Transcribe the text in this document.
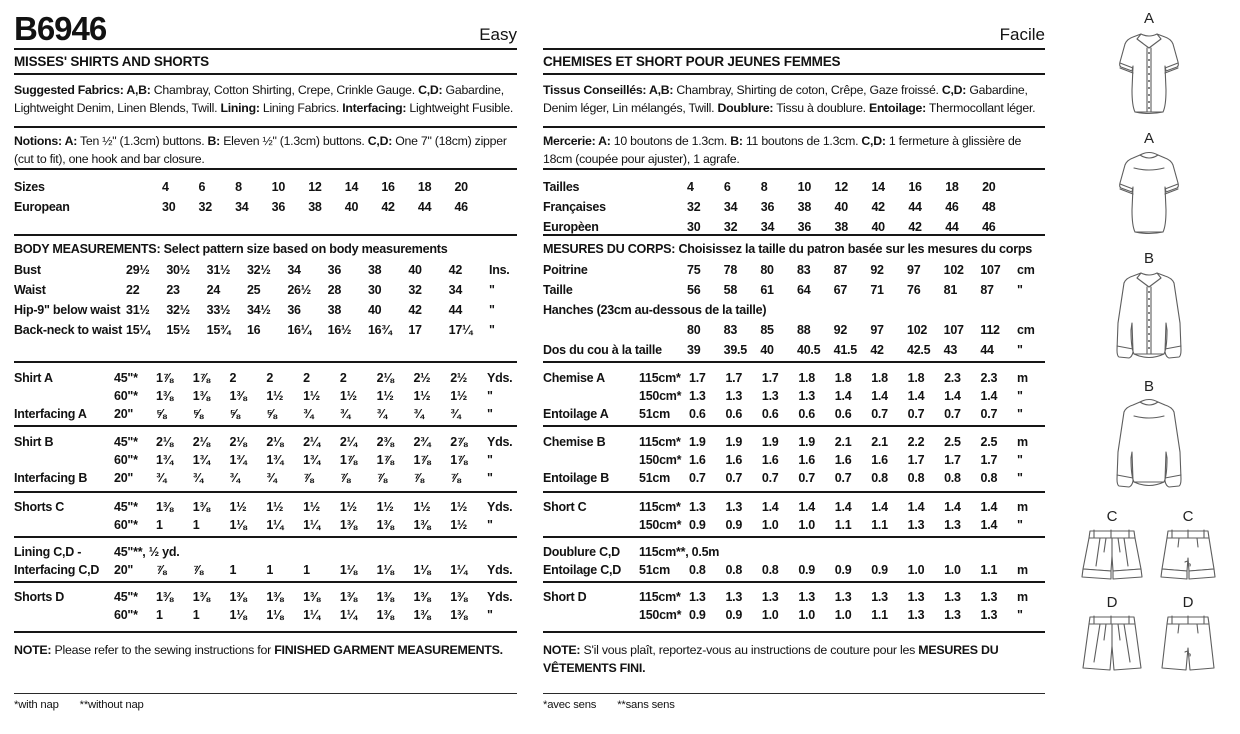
B6946	Easy
MISSES' SHIRTS AND SHORTS
Suggested Fabrics: A,B: Chambray, Cotton Shirting, Crepe, Crinkle Gauge. C,D: Gabardine, Lightweight Denim, Linen Blends, Twill. Lining: Lining Fabrics. Interfacing: Lightweight Fusible.
Notions: A: Ten ½" (1.3cm) buttons. B: Eleven ½" (1.3cm) buttons. C,D: One 7" (18cm) zipper (cut to fit), one hook and bar closure.
Sizes	4	6	8	10	12	14	16	18	20
European	30	32	34	36	38	40	42	44	46
BODY MEASUREMENTS: Select pattern size based on body measurements
Bust	29½	30½	31½	32½	34	36	38	40	42	Ins.
Waist	22	23	24	25	26½	28	30	32	34	"
Hip-9" below waist 31½	32½	33½	34½	36	38	40	42	44	"
Back-neck to waist 15¼	15½	15¾	16	16¼	16½	16¾	17	17¼	"
Shirt A	45"*	1⅞	1⅞	2	2	2	2	2⅛	2½	2½	Yds.
60"*	1⅜	1⅜	1⅜	1½	1½	1½	1½	1½	1½	"
Interfacing A	20"	⅝	⅝	⅝	⅝	¾	¾	¾	¾	¾	"
Shirt B	45"*	2⅛	2⅛	2⅛	2⅛	2¼	2¼	2⅜	2¾	2⅞	Yds.
60"*	1¾	1¾	1¾	1¾	1¾	1⅞	1⅞	1⅞	1⅞	"
Interfacing B	20"	¾	¾	¾	¾	⅞	⅞	⅞	⅞	⅞	"
Shorts C	45"*	1⅜	1⅜	1½	1½	1½	1½	1½	1½	1½	Yds.
60"*	1	1	1⅛	1¼	1¼	1⅜	1⅜	1⅜	1½	"
Lining C,D -	45"**, ½ yd.
Interfacing C,D	20"	⅞	⅞	1	1	1	1⅛	1⅛	1⅛	1¼	Yds.
Shorts D	45"*	1⅜	1⅜	1⅜	1⅜	1⅜	1⅜	1⅜	1⅜	1⅜	Yds.
60"*	1	1	1⅛	1⅛	1¼	1¼	1⅜	1⅜	1⅜	"
NOTE: Please refer to the sewing instructions for FINISHED GARMENT MEASUREMENTS.
*with nap **without nap
Facile
CHEMISES ET SHORT POUR JEUNES FEMMES
Tissus Conseillés: A,B: Chambray, Shirting de coton, Crêpe, Gaze froissé. C,D: Gabardine, Denim léger, Lin mélangés, Twill. Doublure: Tissu à doublure. Entoilage: Thermocollant léger.
Mercerie: A: 10 boutons de 1.3cm. B: 11 boutons de 1.3cm. C,D: 1 fermeture à glissière de 18cm (coupée pour ajuster), 1 agrafe.
Tailles	4	6	8	10	12	14	16	18	20
Françaises	32	34	36	38	40	42	44	46	48
Europèen	30	32	34	36	38	40	42	44	46
MESURES DU CORPS: Choisissez la taille du patron basée sur les mesures du corps
Poitrine	75	78	80	83	87	92	97	102	107	cm
Taille	56	58	61	64	67	71	76	81	87	"
Hanches (23cm au-dessous de la taille)
80	83	85	88	92	97	102	107	112	cm
Dos du cou à la taille	39	39.5	40	40.5	41.5	42	42.5	43	44	"
Chemise A	115cm* 1.7	1.7	1.7	1.8	1.8	1.8	1.8	2.3	2.3	m
150cm* 1.3	1.3	1.3	1.3	1.4	1.4	1.4	1.4	1.4	"
Entoilage A	51cm	0.6	0.6	0.6	0.6	0.6	0.7	0.7	0.7	0.7	"
Chemise B	115cm* 1.9	1.9	1.9	1.9	2.1	2.1	2.2	2.5	2.5	m
150cm* 1.6	1.6	1.6	1.6	1.6	1.6	1.7	1.7	1.7	"
Entoilage B	51cm	0.7	0.7	0.7	0.7	0.7	0.8	0.8	0.8	0.8	"
Short C	115cm* 1.3	1.3	1.4	1.4	1.4	1.4	1.4	1.4	1.4	m
150cm* 0.9	0.9	1.0	1.0	1.1	1.1	1.3	1.3	1.4	"
Doublure C,D	115cm**, 0.5m
Entoilage C,D	51cm	0.8	0.8	0.8	0.9	0.9	0.9	1.0	1.0	1.1	m
Short D	115cm* 1.3	1.3	1.3	1.3	1.3	1.3	1.3	1.3	1.3	m
150cm* 0.9	0.9	1.0	1.0	1.0	1.1	1.3	1.3	1.3	"
NOTE: S'il vous plaît, reportez-vous au instructions de couture pour les MESURES DU VÊTEMENTS FINI.
*avec sens **sans sens
A
A
B
B
C	C
D	D
